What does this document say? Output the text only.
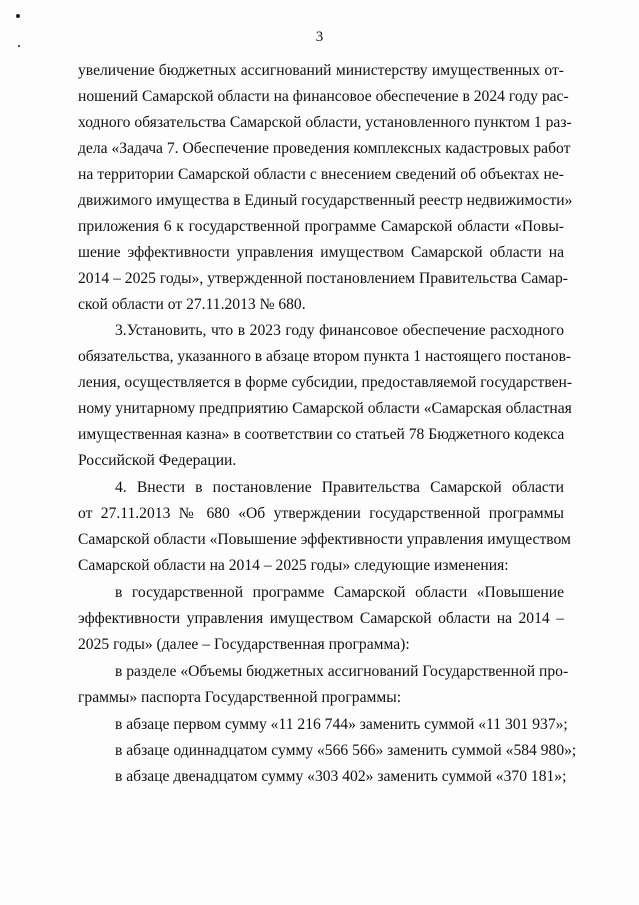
3
увеличение бюджетных ассигнований министерству имущественных от-
ношений Самарской области на финансовое обеспечение в 2024 году рас-
ходного обязательства Самарской области, установленного пунктом 1 раз-
дела «Задача 7. Обеспечение проведения комплексных кадастровых работ
на территории Самарской области с внесением сведений об объектах не-
движимого имущества в Единый государственный реестр недвижимости»
приложения 6 к государственной программе Самарской области «Повы-
шение эффективности управления имуществом Самарской области на
2014 – 2025 годы», утвержденной постановлением Правительства Самар-
ской области от 27.11.2013 № 680.
3.Установить, что в 2023 году финансовое обеспечение расходного
обязательства, указанного в абзаце втором пункта 1 настоящего постанов-
ления, осуществляется в форме субсидии, предоставляемой государствен-
ному унитарному предприятию Самарской области «Самарская областная
имущественная казна» в соответствии со статьей 78 Бюджетного кодекса
Российской Федерации.
4. Внести в постановление Правительства Самарской области
от 27.11.2013 № 680 «Об утверждении государственной программы
Самарской области «Повышение эффективности управления имуществом
Самарской области на 2014 – 2025 годы» следующие изменения:
в государственной программе Самарской области «Повышение
эффективности управления имуществом Самарской области на 2014 –
2025 годы» (далее – Государственная программа):
в разделе «Объемы бюджетных ассигнований Государственной про-
граммы» паспорта Государственной программы:
в абзаце первом сумму «11 216 744» заменить суммой «11 301 937»;
в абзаце одиннадцатом сумму «566 566» заменить суммой «584 980»;
в абзаце двенадцатом сумму «303 402» заменить суммой «370 181»;
